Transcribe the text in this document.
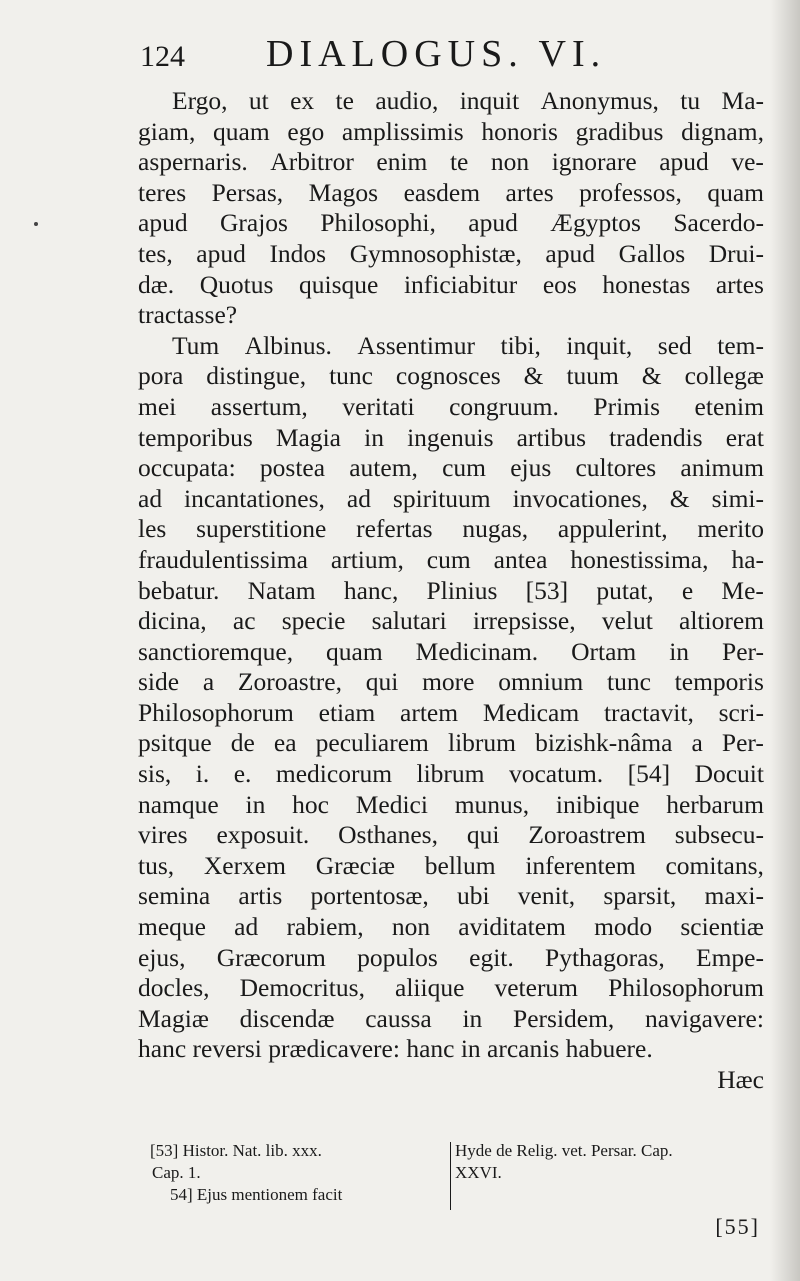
124 DIALOGUS. VI.
Ergo, ut ex te audio, inquit Anonymus, tu Ma-
giam, quam ego amplissimis honoris gradibus dignam,
aspernaris. Arbitror enim te non ignorare apud ve-
teres Persas, Magos easdem artes professos, quam
apud Grajos Philosophi, apud Ægyptos Sacerdo-
tes, apud Indos Gymnosophistæ, apud Gallos Drui-
dæ. Quotus quisque inficiabitur eos honestas artes
tractasse?
Tum Albinus. Assentimur tibi, inquit, sed tem-
pora distingue, tunc cognosces & tuum & collegæ
mei assertum, veritati congruum. Primis etenim
temporibus Magia in ingenuis artibus tradendis erat
occupata: postea autem, cum ejus cultores animum
ad incantationes, ad spirituum invocationes, & simi-
les superstitione refertas nugas, appulerint, merito
fraudulentissima artium, cum antea honestissima, ha-
bebatur. Natam hanc, Plinius [53] putat, e Me-
dicina, ac specie salutari irrepsisse, velut altiorem
sanctioremque, quam Medicinam. Ortam in Per-
side a Zoroastre, qui more omnium tunc temporis
Philosophorum etiam artem Medicam tractavit, scri-
psitque de ea peculiarem librum bizishk-nâma a Per-
sis, i. e. medicorum librum vocatum. [54] Docuit
namque in hoc Medici munus, inibique herbarum
vires exposuit. Osthanes, qui Zoroastrem subsecu-
tus, Xerxem Græciæ bellum inferentem comitans,
semina artis portentosæ, ubi venit, sparsit, maxi-
meque ad rabiem, non aviditatem modo scientiæ
ejus, Græcorum populos egit. Pythagoras, Empe-
docles, Democritus, aliique veterum Philosophorum
Magiæ discendæ caussa in Persidem, navigavere:
hanc reversi prædicavere: hanc in arcanis habuere.
Hæc
[53] Histor. Nat. lib. xxx.
Cap. 1.
54] Ejus mentionem facit
Hyde de Relig. vet. Persar. Cap.
XXVI.
[55]
